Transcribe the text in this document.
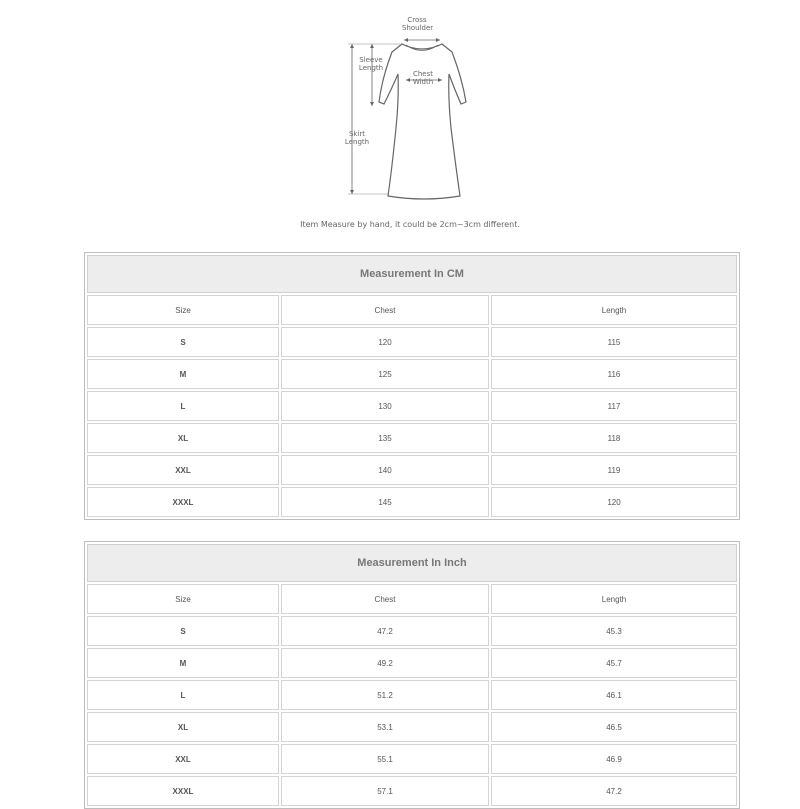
Cross
Shoulder
Sleeve
Length
Chest
Width
Skirt
Length
Item Measure by hand, it could be 2cm~3cm different.
Measurement In CM		
Size	Chest	Length
S	120	115
M	125	116
L	130	117
XL	135	118
XXL	140	119
XXXL	145	120
Measurement In Inch		
Size	Chest	Length
S	47.2	45.3
M	49.2	45.7
L	51.2	46.1
XL	53.1	46.5
XXL	55.1	46.9
XXXL	57.1	47.2
